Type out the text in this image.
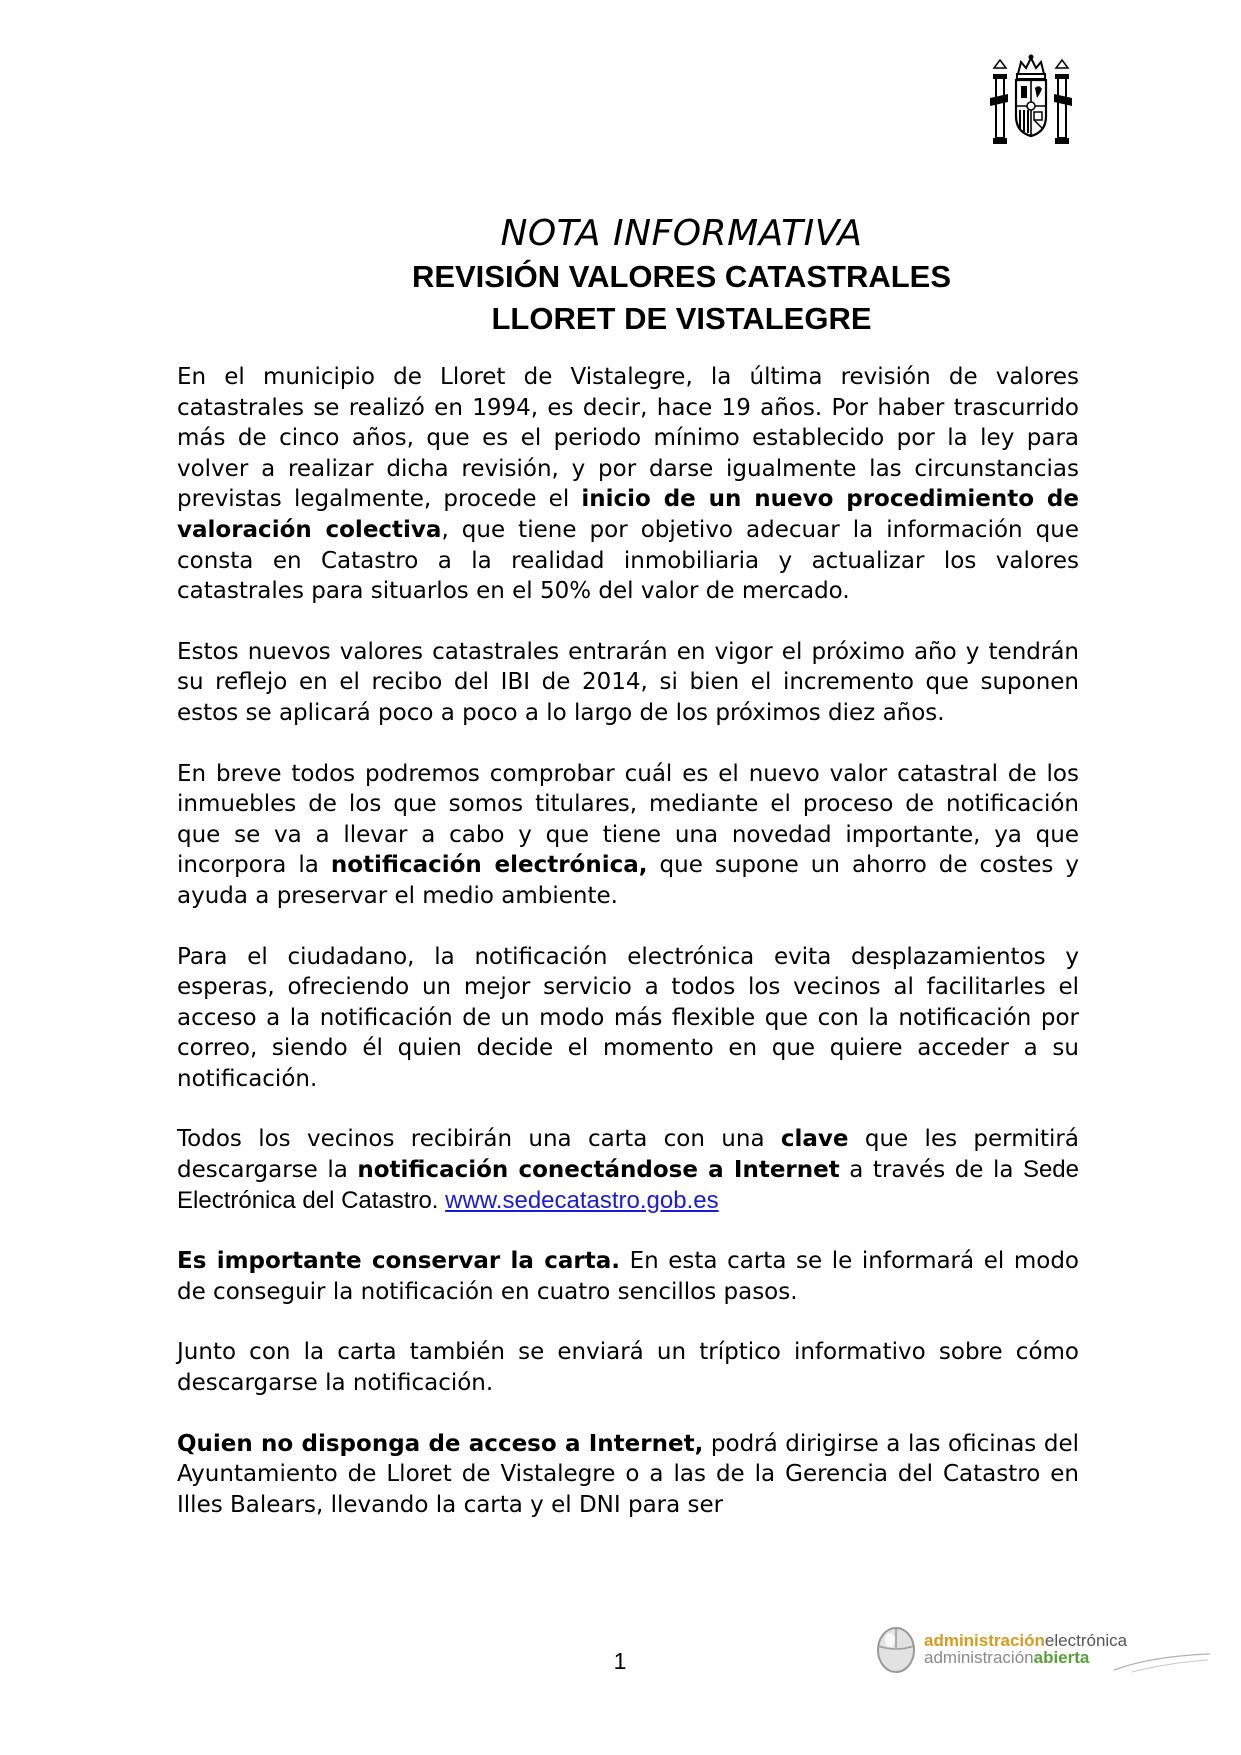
NOTA INFORMATIVA
REVISIÓN VALORES CATASTRALES
LLORET DE VISTALEGRE

En el municipio de Lloret de Vistalegre, la última revisión de valores catastrales se realizó en 1994, es decir, hace 19 años. Por haber trascurrido más de cinco años, que es el periodo mínimo establecido por la ley para volver a realizar dicha revisión, y por darse igualmente las circunstancias previstas legalmente, procede el inicio de un nuevo procedimiento de valoración colectiva, que tiene por objetivo adecuar la información que consta en Catastro a la realidad inmobiliaria y actualizar los valores catastrales para situarlos en el 50% del valor de mercado.

Estos nuevos valores catastrales entrarán en vigor el próximo año y tendrán su reflejo en el recibo del IBI de 2014, si bien el incremento que suponen estos se aplicará poco a poco a lo largo de los próximos diez años.

En breve todos podremos comprobar cuál es el nuevo valor catastral de los inmuebles de los que somos titulares, mediante el proceso de notificación que se va a llevar a cabo y que tiene una novedad importante, ya que incorpora la notificación electrónica, que supone un ahorro de costes y ayuda a preservar el medio ambiente.

Para el ciudadano, la notificación electrónica evita desplazamientos y esperas, ofreciendo un mejor servicio a todos los vecinos al facilitarles el acceso a la notificación de un modo más flexible que con la notificación por correo, siendo él quien decide el momento en que quiere acceder a su notificación.

Todos los vecinos recibirán una carta con una clave que les permitirá descargarse la notificación conectándose a Internet a través de la Sede Electrónica del Catastro. www.sedecatastro.gob.es

Es importante conservar la carta. En esta carta se le informará el modo de conseguir la notificación en cuatro sencillos pasos.

Junto con la carta también se enviará un tríptico informativo sobre cómo descargarse la notificación.

Quien no disponga de acceso a Internet, podrá dirigirse a las oficinas del Ayuntamiento de Lloret de Vistalegre o a las de la Gerencia del Catastro en Illes Balears, llevando la carta y el DNI para ser

1
administraciónelectrónica
administraciónabierta
